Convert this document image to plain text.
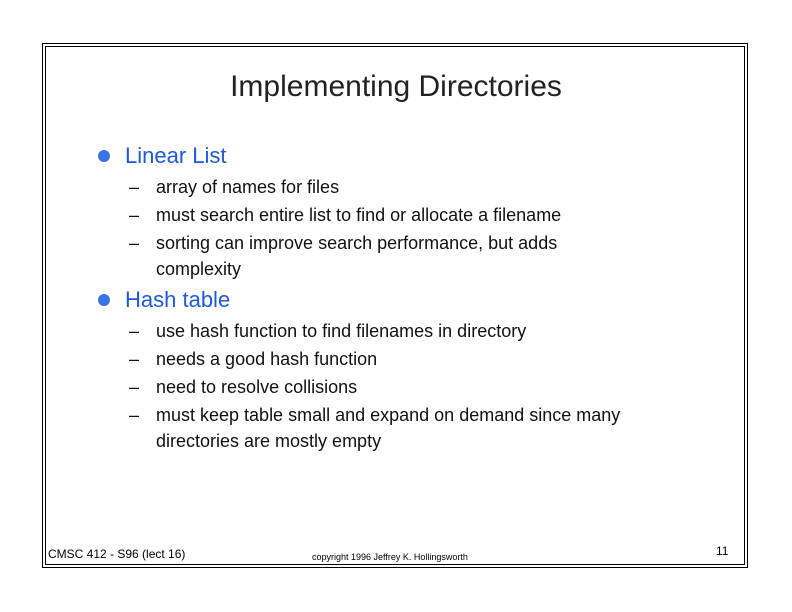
Implementing Directories
Linear List
– array of names for files
– must search entire list to find or allocate a filename
– sorting can improve search performance, but adds complexity
Hash table
– use hash function to find filenames in directory
– needs a good hash function
– need to resolve collisions
– must keep table small and expand on demand since many directories are mostly empty
CMSC 412 - S96 (lect 16)	copyright 1996 Jeffrey K. Hollingsworth	11
